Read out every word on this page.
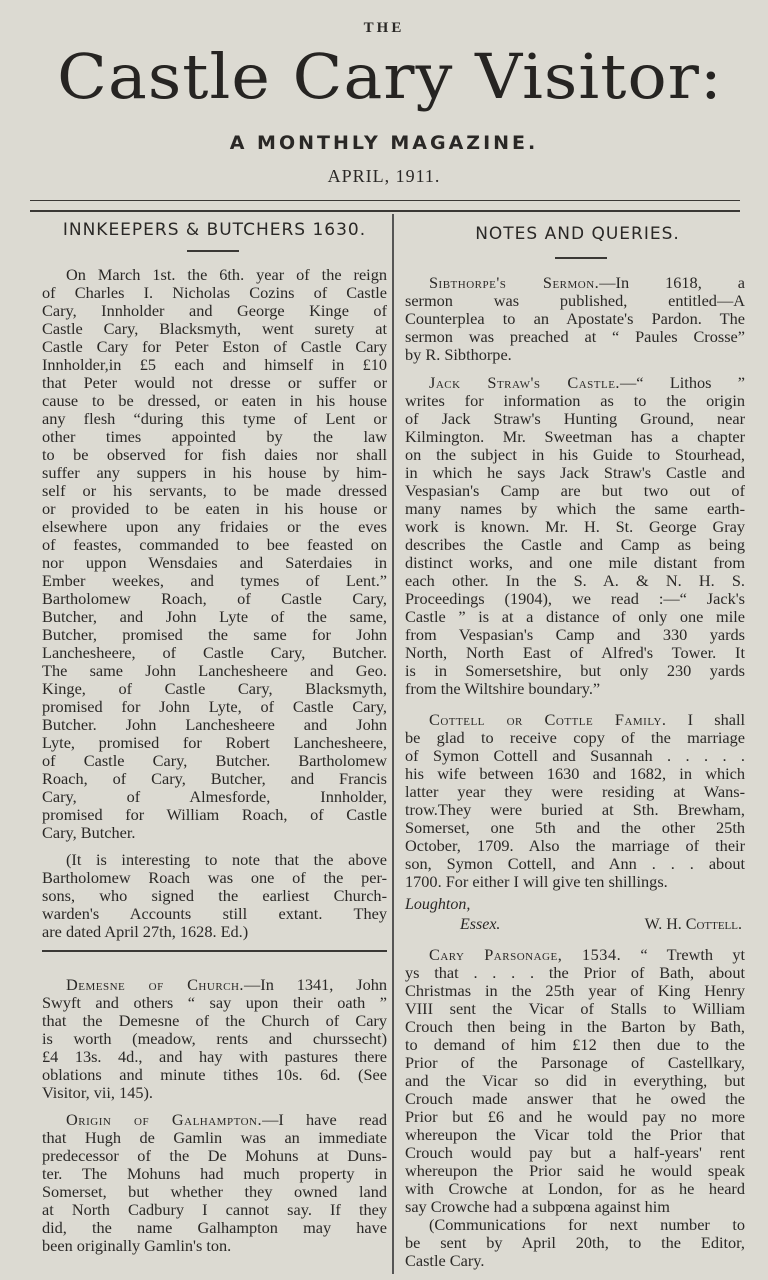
THE
Castle Cary Visitor:
A MONTHLY MAGAZINE.
APRIL, 1911.
INNKEEPERS & BUTCHERS 1630.	NOTES AND QUERIES.
On March 1st. the 6th. year of the reign
of Charles I. Nicholas Cozins of Castle
Cary, Innholder and George Kinge of
Castle Cary, Blacksmyth, went surety at
Castle Cary for Peter Eston of Castle Cary
Innholder,in £5 each and himself in £10
that Peter would not dresse or suffer or
cause to be dressed, or eaten in his house
any flesh “during this tyme of Lent or
other times appointed by the law
to be observed for fish daies nor shall
suffer any suppers in his house by him-
self or his servants, to be made dressed
or provided to be eaten in his house or
elsewhere upon any fridaies or the eves
of feastes, commanded to bee feasted on
nor uppon Wensdaies and Saterdaies in
Ember weekes, and tymes of Lent.”
Bartholomew Roach, of Castle Cary,
Butcher, and John Lyte of the same,
Butcher, promised the same for John
Lanchesheere, of Castle Cary, Butcher.
The same John Lanchesheere and Geo.
Kinge, of Castle Cary, Blacksmyth,
promised for John Lyte, of Castle Cary,
Butcher. John Lanchesheere and John
Lyte, promised for Robert Lanchesheere,
of Castle Cary, Butcher. Bartholomew
Roach, of Cary, Butcher, and Francis
Cary, of Almesforde, Innholder,
promised for William Roach, of Castle
Cary, Butcher.
(It is interesting to note that the above
Bartholomew Roach was one of the per-
sons, who signed the earliest Church-
warden's Accounts still extant. They
are dated April 27th, 1628. Ed.)
Demesne of Church.—In 1341, John
Swyft and others “ say upon their oath ”
that the Demesne of the Church of Cary
is worth (meadow, rents and churssecht)
£4 13s. 4d., and hay with pastures there
oblations and minute tithes 10s. 6d. (See
Visitor, vii, 145).
Origin of Galhampton.—I have read
that Hugh de Gamlin was an immediate
predecessor of the De Mohuns at Duns-
ter. The Mohuns had much property in
Somerset, but whether they owned land
at North Cadbury I cannot say. If they
did, the name Galhampton may have
been originally Gamlin's ton.
Sibthorpe's Sermon.—In 1618, a
sermon was published, entitled—A
Counterplea to an Apostate's Pardon. The
sermon was preached at “ Paules Crosse”
by R. Sibthorpe.
Jack Straw's Castle.—“ Lithos ”
writes for information as to the origin
of Jack Straw's Hunting Ground, near
Kilmington. Mr. Sweetman has a chapter
on the subject in his Guide to Stourhead,
in which he says Jack Straw's Castle and
Vespasian's Camp are but two out of
many names by which the same earth-
work is known. Mr. H. St. George Gray
describes the Castle and Camp as being
distinct works, and one mile distant from
each other. In the S. A. & N. H. S.
Proceedings (1904), we read :—“ Jack's
Castle ” is at a distance of only one mile
from Vespasian's Camp and 330 yards
North, North East of Alfred's Tower. It
is in Somersetshire, but only 230 yards
from the Wiltshire boundary.”
Cottell or Cottle Family. I shall
be glad to receive copy of the marriage
of Symon Cottell and Susannah . . . . .
his wife between 1630 and 1682, in which
latter year they were residing at Wans-
trow.They were buried at Sth. Brewham,
Somerset, one 5th and the other 25th
October, 1709. Also the marriage of their
son, Symon Cottell, and Ann . . . about
1700. For either I will give ten shillings.
Cary Parsonage, 1534. “ Trewth yt
ys that . . . . the Prior of Bath, about
Christmas in the 25th year of King Henry
VIII sent the Vicar of Stalls to William
Crouch then being in the Barton by Bath,
to demand of him £12 then due to the
Prior of the Parsonage of Castellkary,
and the Vicar so did in everything, but
Crouch made answer that he owed the
Prior but £6 and he would pay no more
whereupon the Vicar told the Prior that
Crouch would pay but a half-years' rent
whereupon the Prior said he would speak
with Crowche at London, for as he heard
say Crowche had a subpœna against him
(Communications for next number to
be sent by April 20th, to the Editor,
Castle Cary.
Loughton,
Essex.	W. H. Cottell.
